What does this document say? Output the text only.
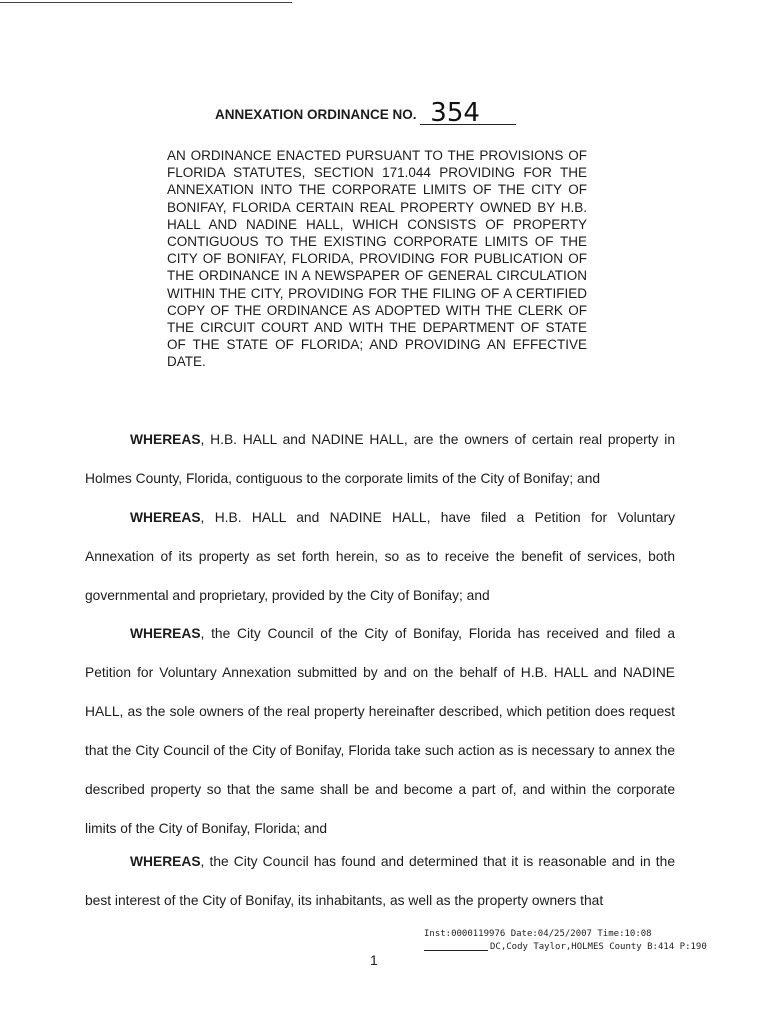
ANNEXATION ORDINANCE NO. 354
AN ORDINANCE ENACTED PURSUANT TO THE PROVISIONS OF FLORIDA STATUTES, SECTION 171.044 PROVIDING FOR THE ANNEXATION INTO THE CORPORATE LIMITS OF THE CITY OF BONIFAY, FLORIDA CERTAIN REAL PROPERTY OWNED BY H.B. HALL AND NADINE HALL, WHICH CONSISTS OF PROPERTY CONTIGUOUS TO THE EXISTING CORPORATE LIMITS OF THE CITY OF BONIFAY, FLORIDA, PROVIDING FOR PUBLICATION OF THE ORDINANCE IN A NEWSPAPER OF GENERAL CIRCULATION WITHIN THE CITY, PROVIDING FOR THE FILING OF A CERTIFIED COPY OF THE ORDINANCE AS ADOPTED WITH THE CLERK OF THE CIRCUIT COURT AND WITH THE DEPARTMENT OF STATE OF THE STATE OF FLORIDA; AND PROVIDING AN EFFECTIVE DATE.
WHEREAS, H.B. HALL and NADINE HALL, are the owners of certain real property in Holmes County, Florida, contiguous to the corporate limits of the City of Bonifay; and
WHEREAS, H.B. HALL and NADINE HALL, have filed a Petition for Voluntary Annexation of its property as set forth herein, so as to receive the benefit of services, both governmental and proprietary, provided by the City of Bonifay; and
WHEREAS, the City Council of the City of Bonifay, Florida has received and filed a Petition for Voluntary Annexation submitted by and on the behalf of H.B. HALL and NADINE HALL, as the sole owners of the real property hereinafter described, which petition does request that the City Council of the City of Bonifay, Florida take such action as is necessary to annex the described property so that the same shall be and become a part of, and within the corporate limits of the City of Bonifay, Florida; and
WHEREAS, the City Council has found and determined that it is reasonable and in the best interest of the City of Bonifay, its inhabitants, as well as the property owners that
Inst:0000119976 Date:04/25/2007 Time:10:08
DC,Cody Taylor,HOLMES County B:414 P:190
1
